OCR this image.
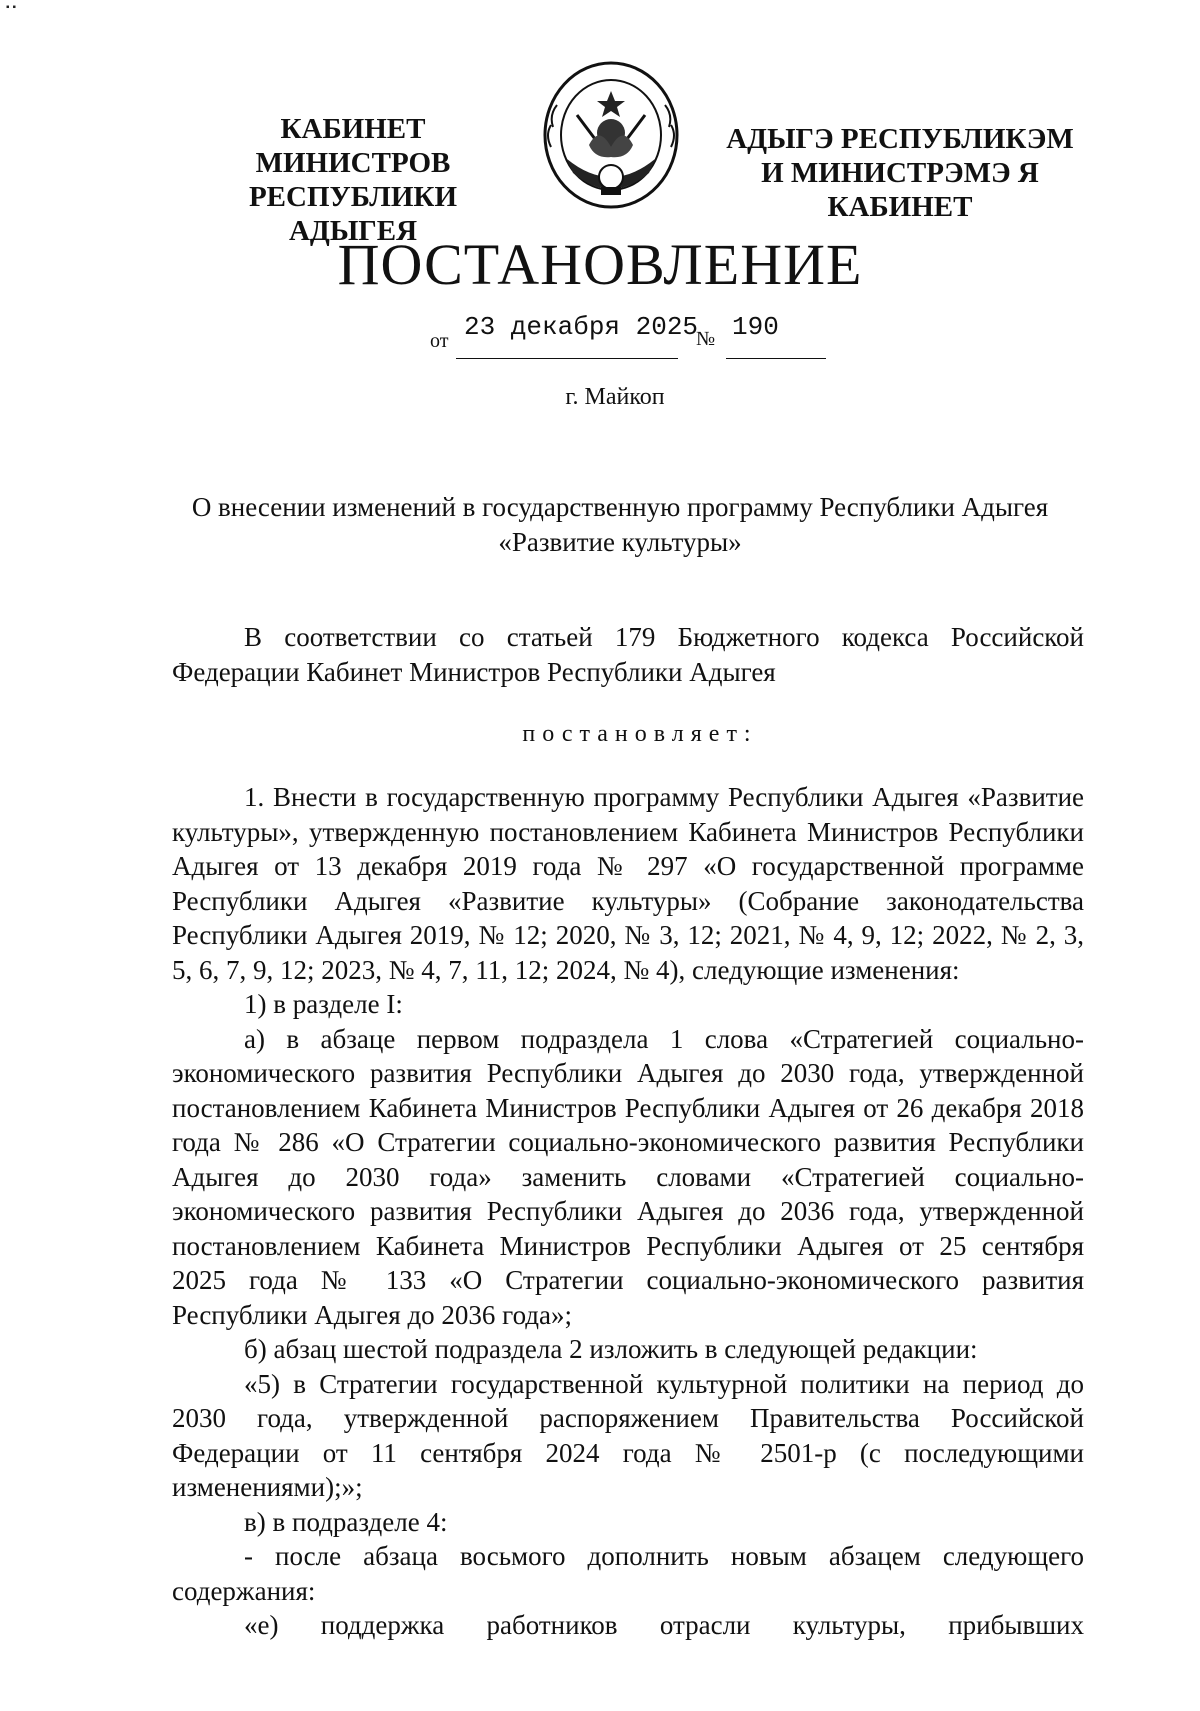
▪▪
КАБИНЕТ МИНИСТРОВ
РЕСПУБЛИКИ АДЫГЕЯ
АДЫГЭ РЕСПУБЛИКЭМ
И МИНИСТРЭМЭ Я КАБИНЕТ
ПОСТАНОВЛЕНИЕ
от 23 декабря 2025
№ 190
г. Майкоп
О внесении изменений в государственную программу Республики Адыгея
«Развитие культуры»

В соответствии со статьей 179 Бюджетного кодекса Российской Федерации Кабинет Министров Республики Адыгея

постановляет:

1. Внести в государственную программу Республики Адыгея «Развитие культуры», утвержденную постановлением Кабинета Министров Республики Адыгея от 13 декабря 2019 года № 297 «О государственной программе Республики Адыгея «Развитие культуры» (Собрание законодательства Республики Адыгея 2019, № 12; 2020, № 3, 12; 2021, № 4, 9, 12; 2022, № 2, 3, 5, 6, 7, 9, 12; 2023, № 4, 7, 11, 12; 2024, № 4), следующие изменения:

1) в разделе I:

а) в абзаце первом подраздела 1 слова «Стратегией социально-экономического развития Республики Адыгея до 2030 года, утвержденной постановлением Кабинета Министров Республики Адыгея от 26 декабря 2018 года № 286 «О Стратегии социально-экономического развития Республики Адыгея до 2030 года» заменить словами «Стратегией социально-экономического развития Республики Адыгея до 2036 года, утвержденной постановлением Кабинета Министров Республики Адыгея от 25 сентября 2025 года № 133 «О Стратегии социально-экономического развития Республики Адыгея до 2036 года»;

б) абзац шестой подраздела 2 изложить в следующей редакции:

«5) в Стратегии государственной культурной политики на период до 2030 года, утвержденной распоряжением Правительства Российской Федерации от 11 сентября 2024 года № 2501-р (с последующими изменениями);»;

в) в подразделе 4:

- после абзаца восьмого дополнить новым абзацем следующего содержания:

«е) поддержка работников отрасли культуры, прибывших
